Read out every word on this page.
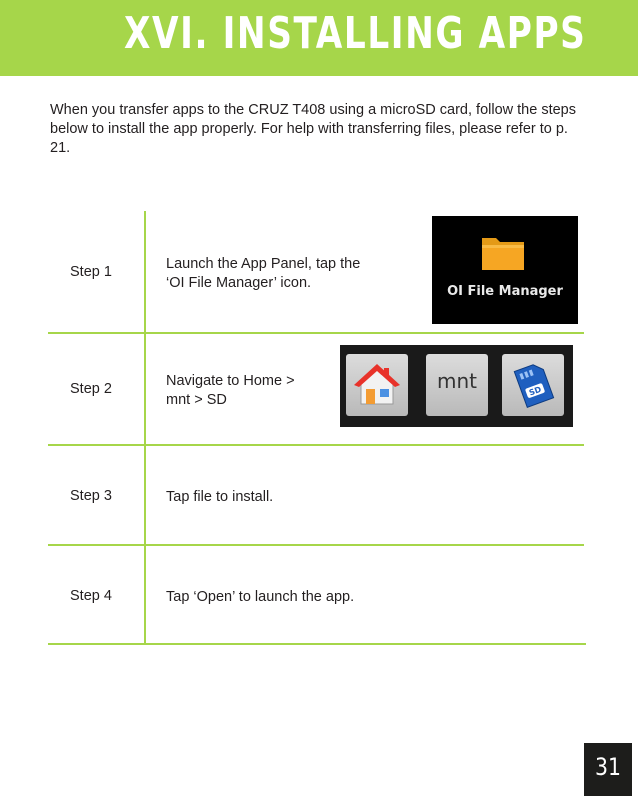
XVI. INSTALLING APPS
When you transfer apps to the CRUZ T408 using a microSD card, follow the steps below to install the app properly. For help with transferring files, please refer to p. 21.
Step 1	Launch the App Panel, tap the
‘OI File Manager’ icon.
OI File Manager
Step 2	Navigate to Home >
mnt > SD
mnt	SD
Step 3	Tap file to install.
Step 4	Tap ‘Open’ to launch the app.
31
